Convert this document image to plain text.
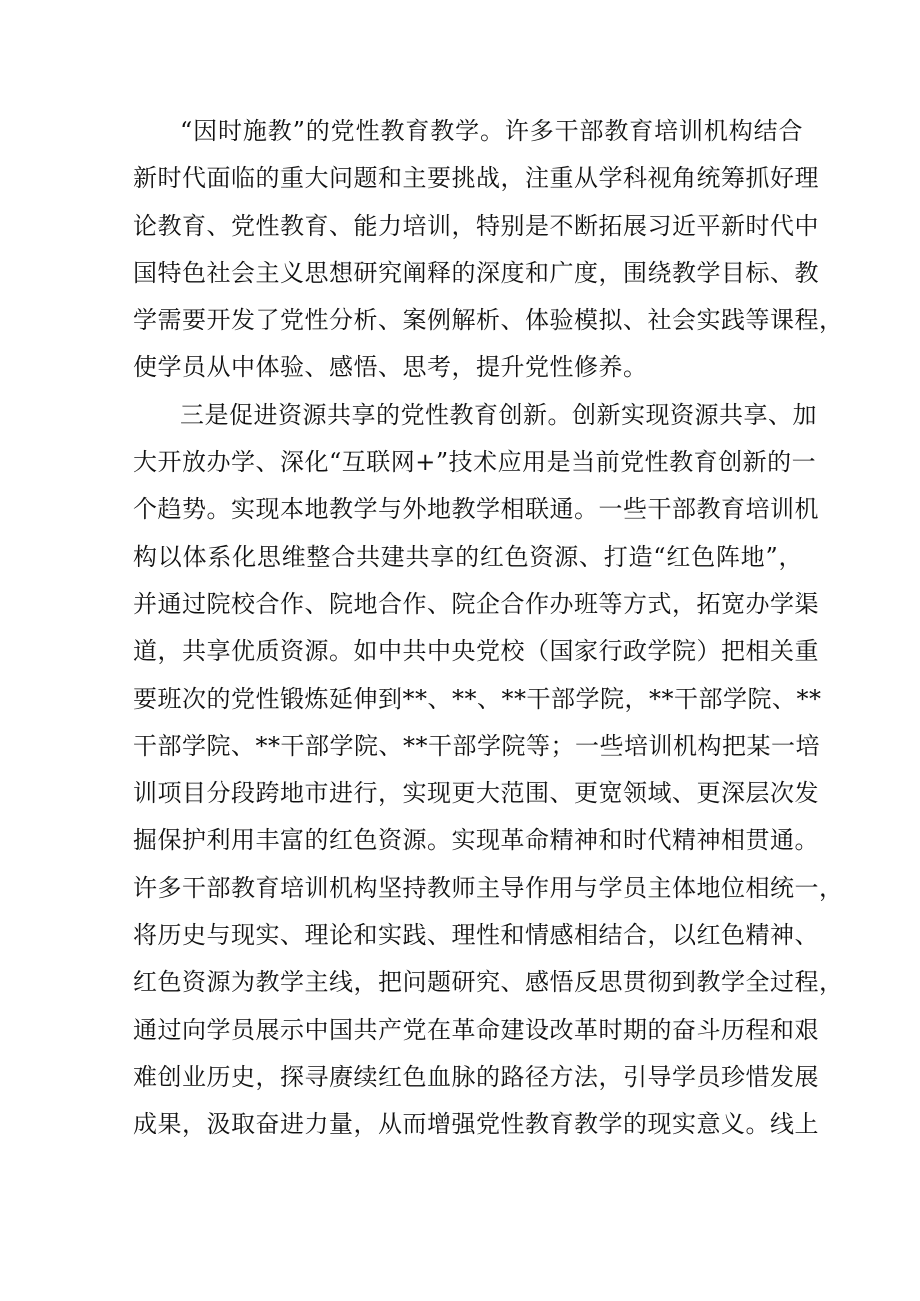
“因时施教”的党性教育教学。许多干部教育培训机构结合
新时代面临的重大问题和主要挑战，注重从学科视角统筹抓好理
论教育、党性教育、能力培训，特别是不断拓展习近平新时代中
国特色社会主义思想研究阐释的深度和广度，围绕教学目标、教
学需要开发了党性分析、案例解析、体验模拟、社会实践等课程，
使学员从中体验、感悟、思考，提升党性修养。
三是促进资源共享的党性教育创新。创新实现资源共享、加
大开放办学、深化“互联网+”技术应用是当前党性教育创新的一
个趋势。实现本地教学与外地教学相联通。一些干部教育培训机
构以体系化思维整合共建共享的红色资源、打造“红色阵地”，
并通过院校合作、院地合作、院企合作办班等方式，拓宽办学渠
道，共享优质资源。如中共中央党校（国家行政学院）把相关重
要班次的党性锻炼延伸到**、**、**干部学院，**干部学院、**
干部学院、**干部学院、**干部学院等；一些培训机构把某一培
训项目分段跨地市进行，实现更大范围、更宽领域、更深层次发
掘保护利用丰富的红色资源。实现革命精神和时代精神相贯通。
许多干部教育培训机构坚持教师主导作用与学员主体地位相统一，
将历史与现实、理论和实践、理性和情感相结合，以红色精神、
红色资源为教学主线，把问题研究、感悟反思贯彻到教学全过程，
通过向学员展示中国共产党在革命建设改革时期的奋斗历程和艰
难创业历史，探寻赓续红色血脉的路径方法，引导学员珍惜发展
成果，汲取奋进力量，从而增强党性教育教学的现实意义。线上
